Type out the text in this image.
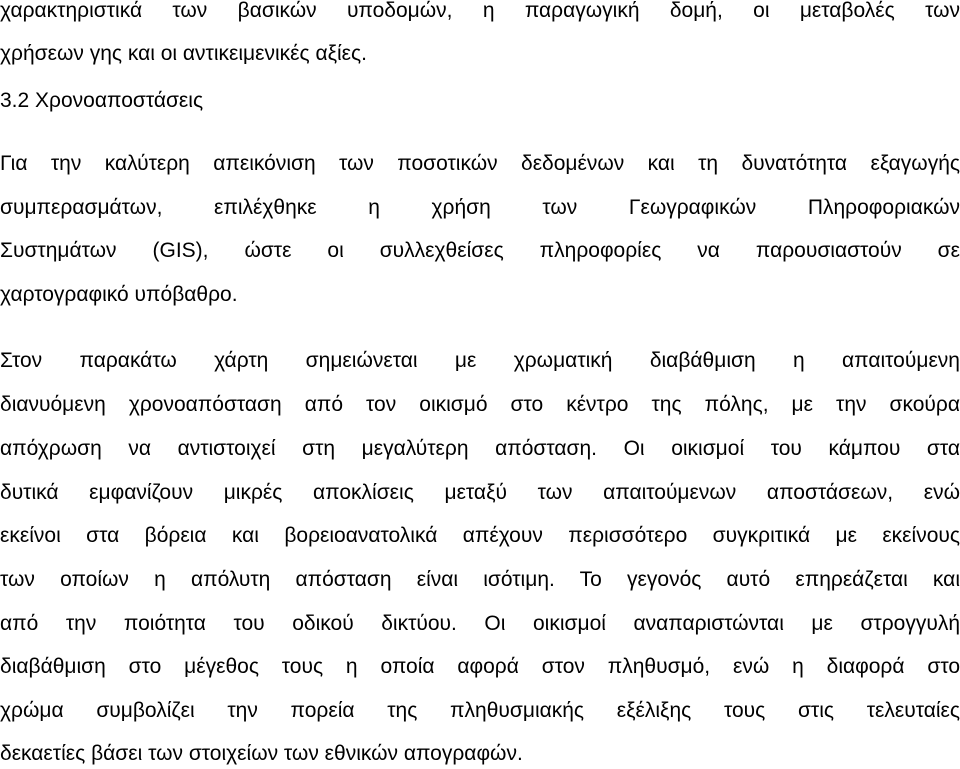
χαρακτηριστικά των βασικών υποδομών, η παραγωγική δομή, οι μεταβολές των
χρήσεων γης και οι αντικειμενικές αξίες.
3.2 Χρονοαποστάσεις
Για την καλύτερη απεικόνιση των ποσοτικών δεδομένων και τη δυνατότητα εξαγωγής
συμπερασμάτων, επιλέχθηκε η χρήση των Γεωγραφικών Πληροφοριακών
Συστημάτων (GIS), ώστε οι συλλεχθείσες πληροφορίες να παρουσιαστούν σε
χαρτογραφικό υπόβαθρο.
Στον παρακάτω χάρτη σημειώνεται με χρωματική διαβάθμιση η απαιτούμενη
διανυόμενη χρονοαπόσταση από τον οικισμό στο κέντρο της πόλης, με την σκούρα
απόχρωση να αντιστοιχεί στη μεγαλύτερη απόσταση. Οι οικισμοί του κάμπου στα
δυτικά εμφανίζουν μικρές αποκλίσεις μεταξύ των απαιτούμενων αποστάσεων, ενώ
εκείνοι στα βόρεια και βορειοανατολικά απέχουν περισσότερο συγκριτικά με εκείνους
των οποίων η απόλυτη απόσταση είναι ισότιμη. Το γεγονός αυτό επηρεάζεται και
από την ποιότητα του οδικού δικτύου. Οι οικισμοί αναπαριστώνται με στρογγυλή
διαβάθμιση στο μέγεθος τους η οποία αφορά στον πληθυσμό, ενώ η διαφορά στο
χρώμα συμβολίζει την πορεία της πληθυσμιακής εξέλιξης τους στις τελευταίες
δεκαετίες βάσει των στοιχείων των εθνικών απογραφών.
